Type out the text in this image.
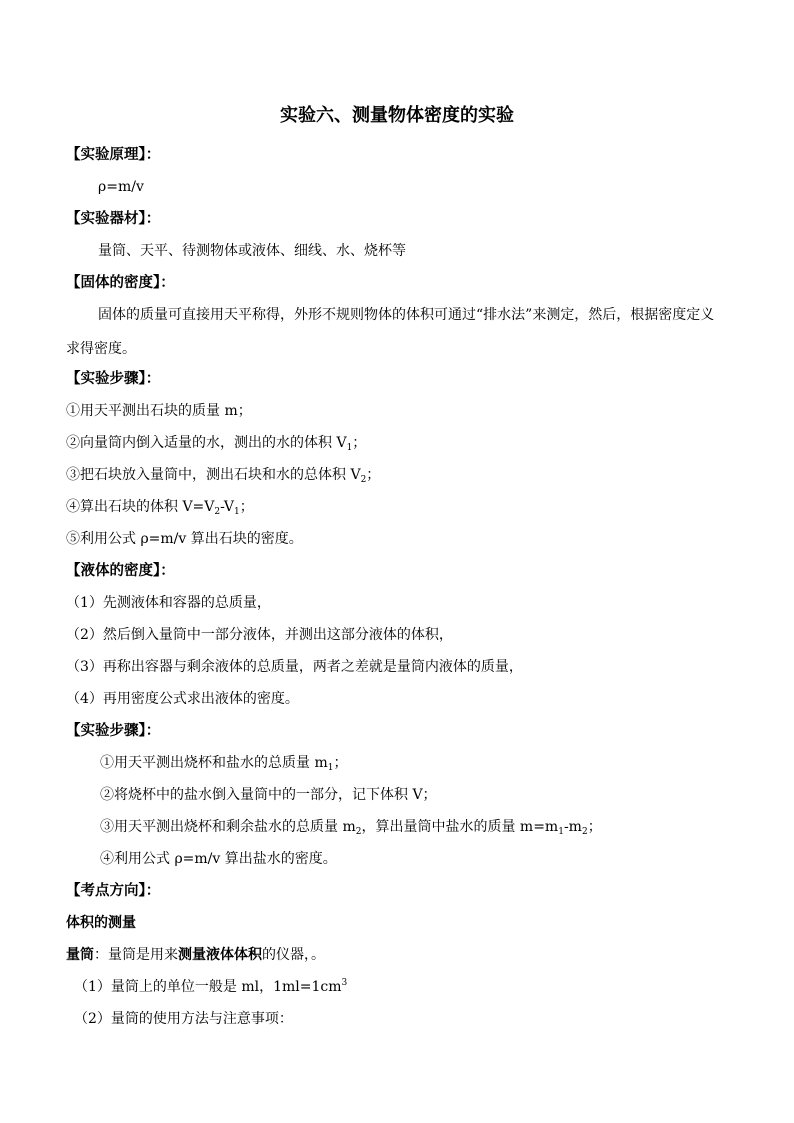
实验六、测量物体密度的实验
【实验原理】：
ρ=m/v
【实验器材】：
量筒、天平、待测物体或液体、细线、水、烧杯等
【固体的密度】：
固体的质量可直接用天平称得，外形不规则物体的体积可通过“排水法”来测定，然后，根据密度定义求得密度。
【实验步骤】：
①用天平测出石块的质量 m；
②向量筒内倒入适量的水，测出的水的体积 $V_1$；
③把石块放入量筒中，测出石块和水的总体积 $V_2$；
④算出石块的体积 $V=V_2-V_1$；
⑤利用公式 ρ=m/v 算出石块的密度。
【液体的密度】：
（1）先测液体和容器的总质量，
（2）然后倒入量筒中一部分液体，并测出这部分液体的体积，
（3）再称出容器与剩余液体的总质量，两者之差就是量筒内液体的质量，
（4）再用密度公式求出液体的密度。
【实验步骤】：
①用天平测出烧杯和盐水的总质量 $m_1$；
②将烧杯中的盐水倒入量筒中的一部分，记下体积 V；
③用天平测出烧杯和剩余盐水的总质量 $m_2$，算出量筒中盐水的质量 $m=m_1-m_2$；
④利用公式 ρ=m/v 算出盐水的密度。
【考点方向】：
体积的测量
量筒：量筒是用来测量液体体积的仪器，。
（1）量筒上的单位一般是 ml，$1ml=1cm^3$
（2）量筒的使用方法与注意事项：
